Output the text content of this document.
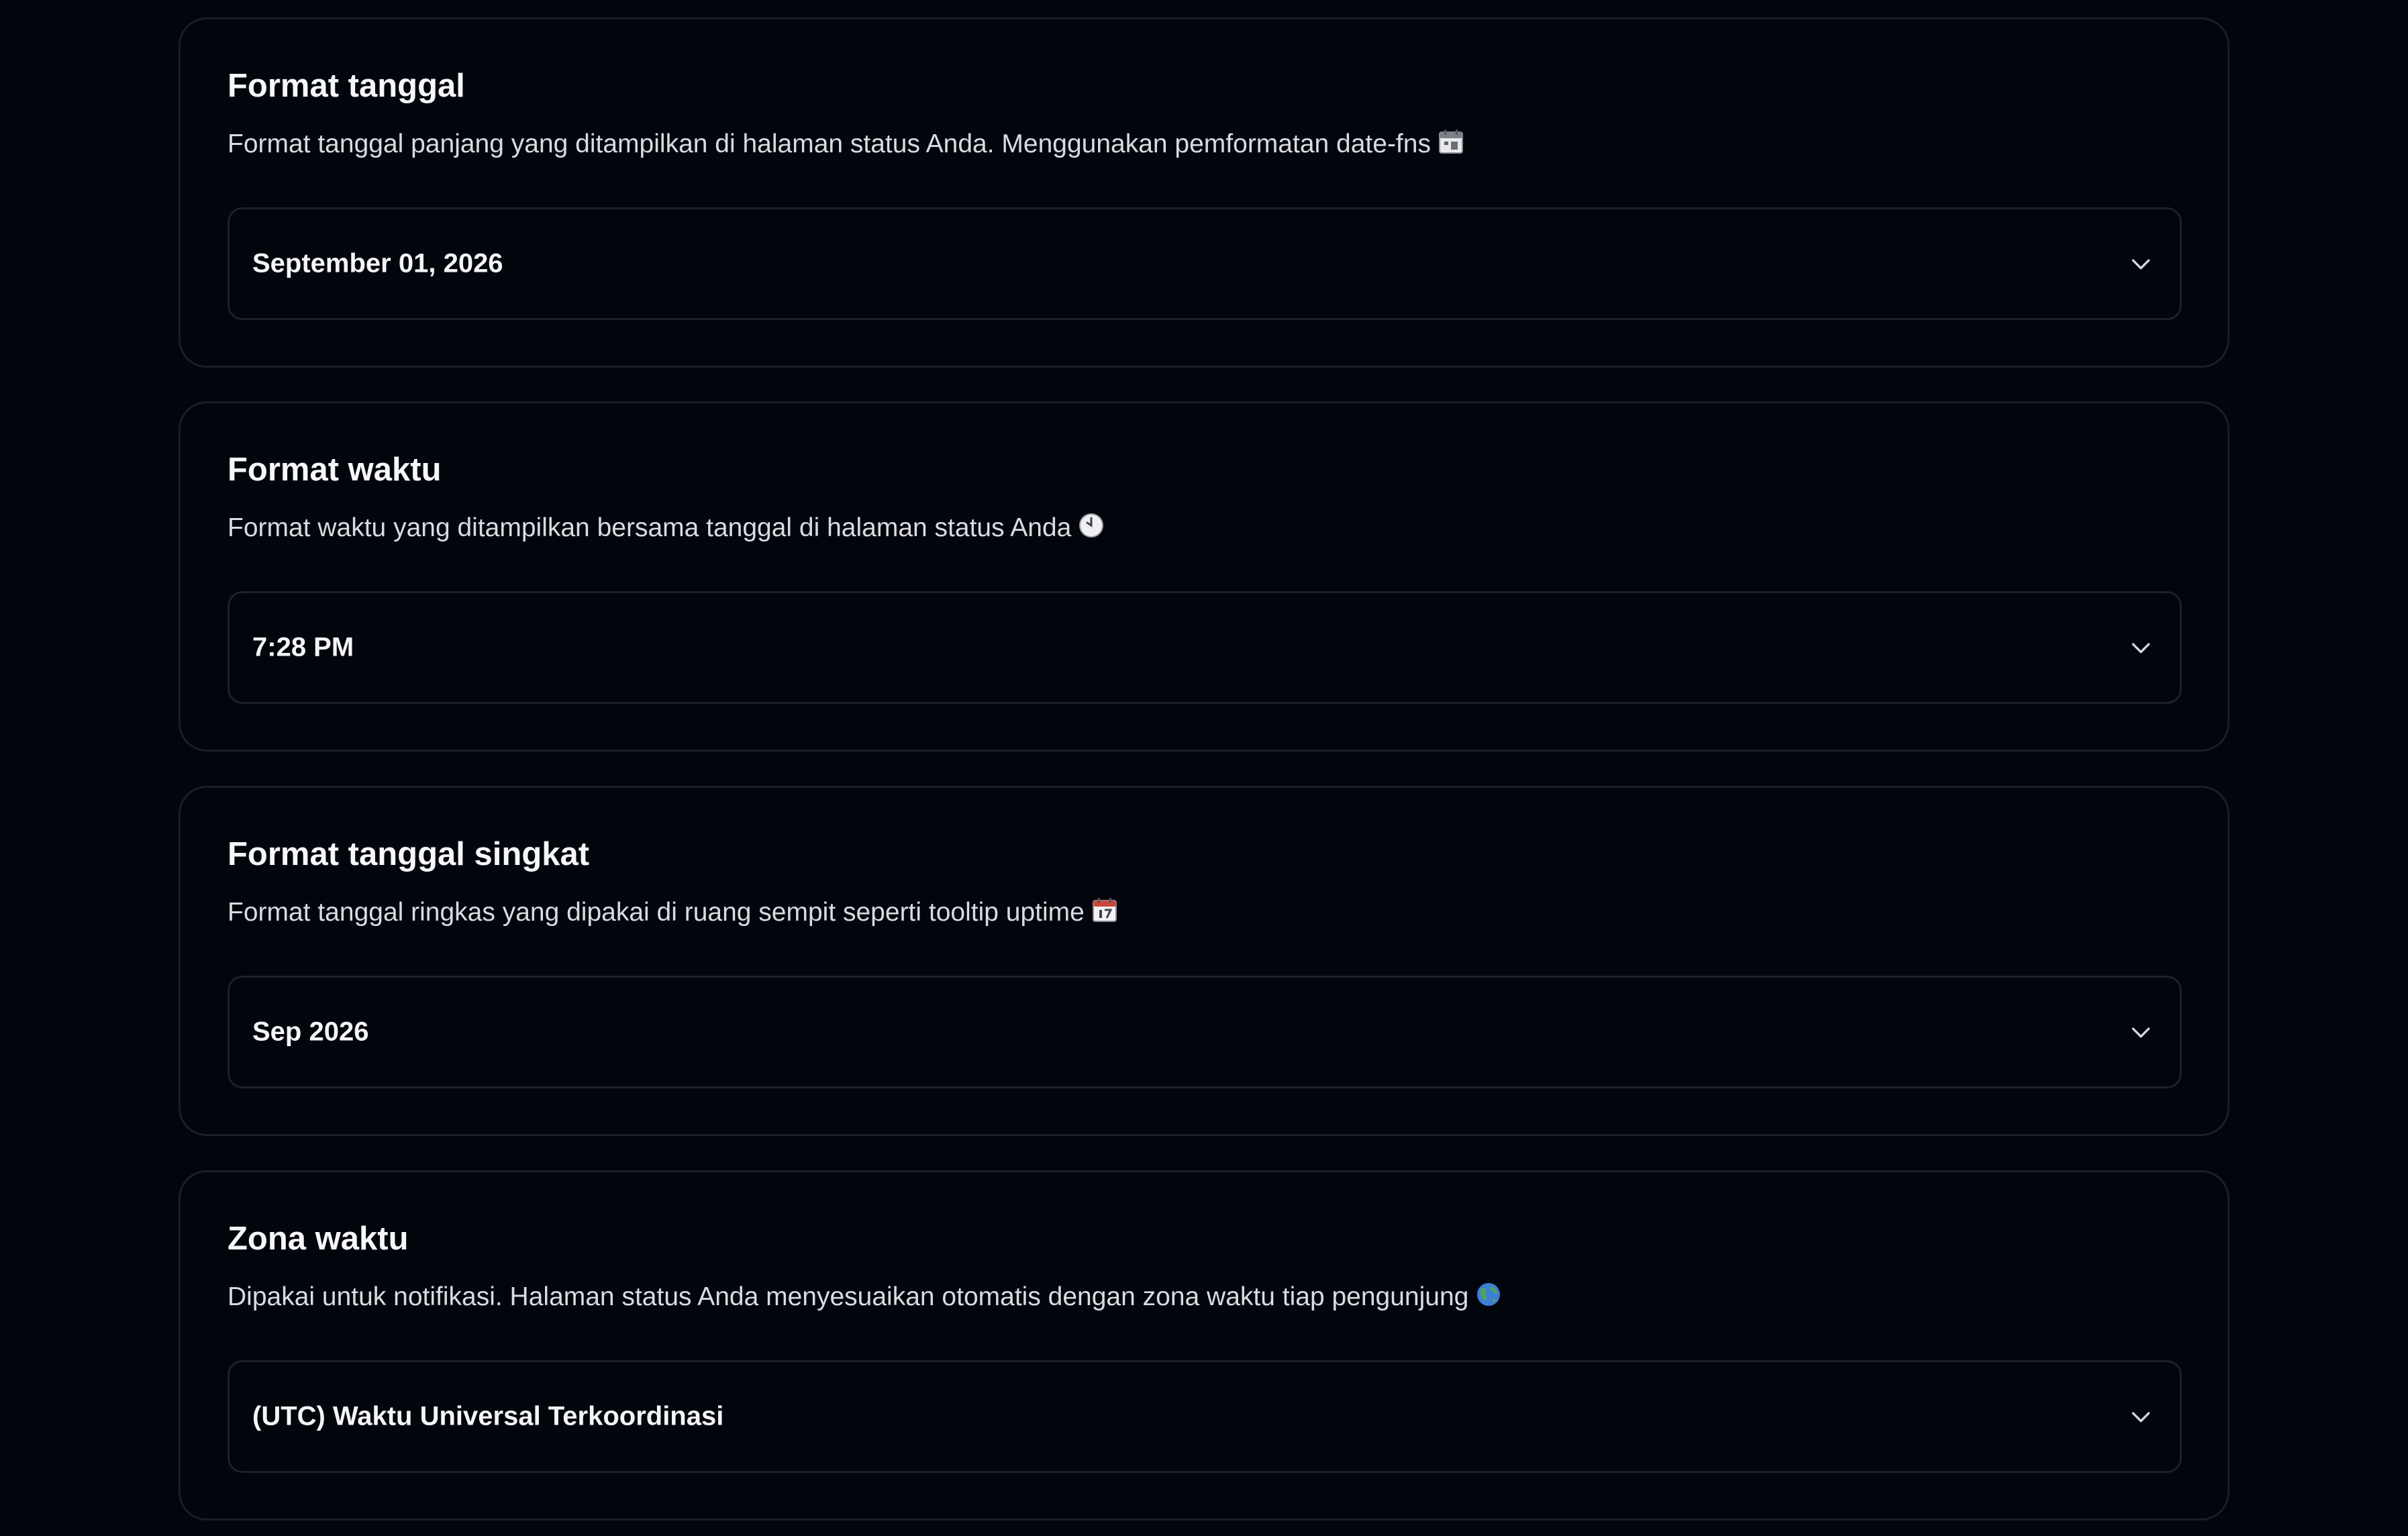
Format tanggal

Format tanggal panjang yang ditampilkan di halaman status Anda. Menggunakan pemformatan date-fns

September 01, 2026
Format waktu

Format waktu yang ditampilkan bersama tanggal di halaman status Anda

7:28 PM
Format tanggal singkat

Format tanggal ringkas yang dipakai di ruang sempit seperti tooltip uptime

Sep 2026
Zona waktu

Dipakai untuk notifikasi. Halaman status Anda menyesuaikan otomatis dengan zona waktu tiap pengunjung

(UTC) Waktu Universal Terkoordinasi
